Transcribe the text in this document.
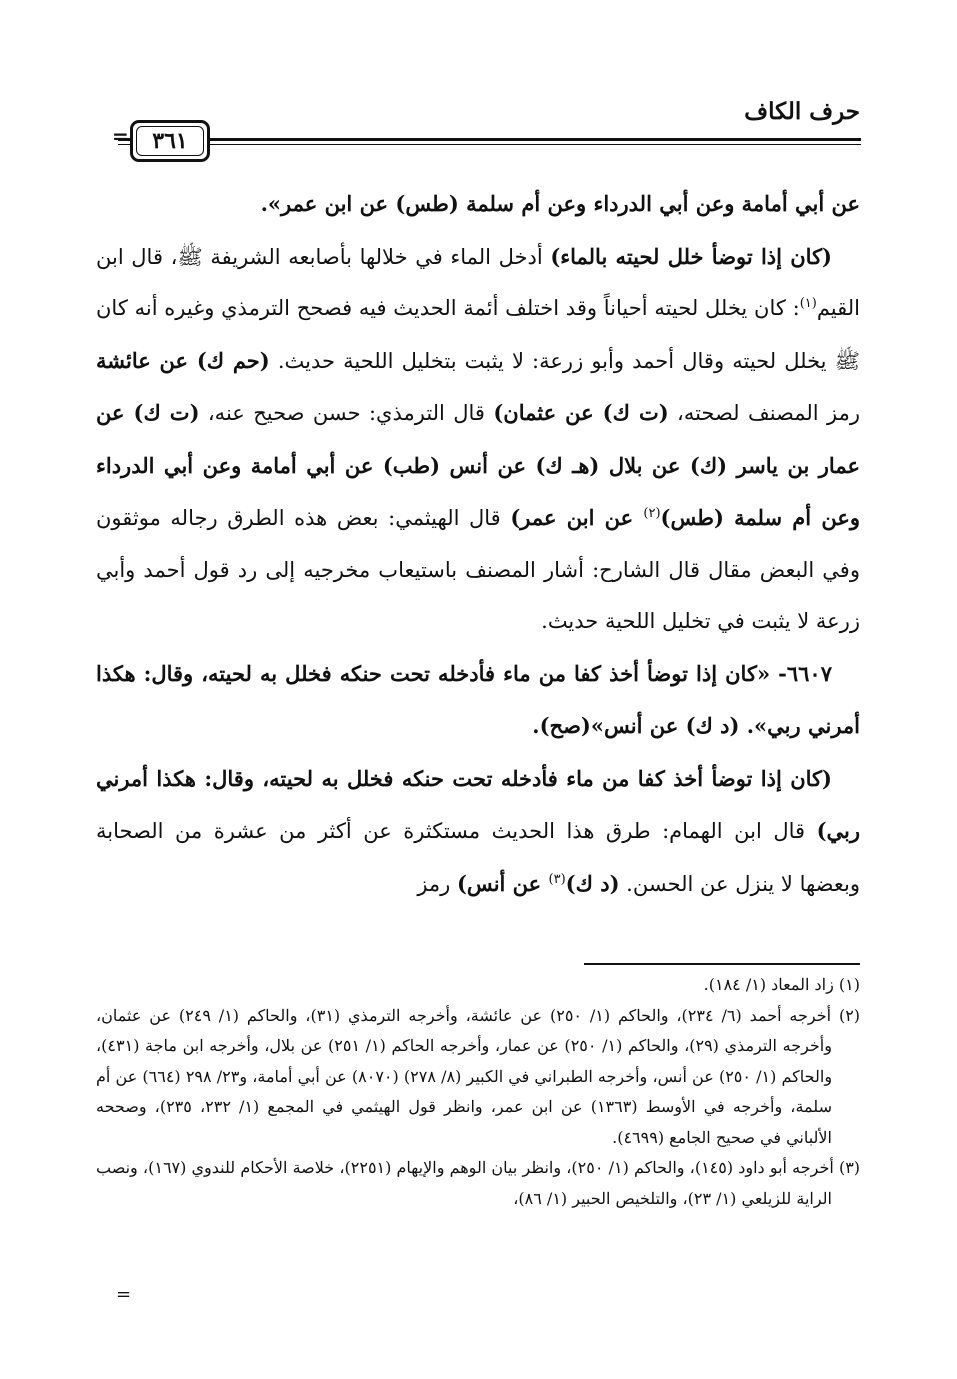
حرف الكاف
= ٣٦١

عن أبي أمامة وعن أبي الدرداء وعن أم سلمة (طس) عن ابن عمر».

(كان إذا توضأ خلل لحيته بالماء) أدخل الماء في خلالها بأصابعه الشريفة ﷺ، قال ابن القيم$^{(١)}$: كان يخلل لحيته أحياناً وقد اختلف أئمة الحديث فيه فصحح الترمذي وغيره أنه كان ﷺ يخلل لحيته وقال أحمد وأبو زرعة: لا يثبت بتخليل اللحية حديث. (حم ك) عن عائشة رمز المصنف لصحته، (ت ك) عن عثمان) قال الترمذي: حسن صحيح عنه، (ت ك) عن عمار بن ياسر (ك) عن بلال (هـ ك) عن أنس (طب) عن أبي أمامة وعن أبي الدرداء وعن أم سلمة (طس)$^{(٢)}$ عن ابن عمر) قال الهيثمي: بعض هذه الطرق رجاله موثقون وفي البعض مقال قال الشارح: أشار المصنف باستيعاب مخرجيه إلى رد قول أحمد وأبي زرعة لا يثبت في تخليل اللحية حديث.

٦٦٠٧- «كان إذا توضأ أخذ كفا من ماء فأدخله تحت حنكه فخلل به لحيته، وقال: هكذا أمرني ربي». (د ك) عن أنس»(صح).

(كان إذا توضأ أخذ كفا من ماء فأدخله تحت حنكه فخلل به لحيته، وقال: هكذا أمرني ربي) قال ابن الهمام: طرق هذا الحديث مستكثرة عن أكثر من عشرة من الصحابة وبعضها لا ينزل عن الحسن. (د ك)$^{(٣)}$ عن أنس) رمز

(١) زاد المعاد (١/ ١٨٤).

(٢) أخرجه أحمد (٦/ ٢٣٤)، والحاكم (١/ ٢٥٠) عن عائشة، وأخرجه الترمذي (٣١)، والحاكم (١/ ٢٤٩) عن عثمان، وأخرجه الترمذي (٢٩)، والحاكم (١/ ٢٥٠) عن عمار، وأخرجه الحاكم (١/ ٢٥١) عن بلال، وأخرجه ابن ماجة (٤٣١)، والحاكم (١/ ٢٥٠) عن أنس، وأخرجه الطبراني في الكبير (٨/ ٢٧٨) (٨٠٧٠) عن أبي أمامة، و٢٣/ ٢٩٨ (٦٦٤) عن أم سلمة، وأخرجه في الأوسط (١٣٦٣) عن ابن عمر، وانظر قول الهيثمي في المجمع (١/ ٢٣٢، ٢٣٥)، وصححه الألباني في صحيح الجامع (٤٦٩٩).

(٣) أخرجه أبو داود (١٤٥)، والحاكم (١/ ٢٥٠)، وانظر بيان الوهم والإيهام (٢٢٥١)، خلاصة الأحكام للندوي (١٦٧)، ونصب الراية للزيلعي (١/ ٢٣)، والتلخيص الحبير (١/ ٨٦)،

=
